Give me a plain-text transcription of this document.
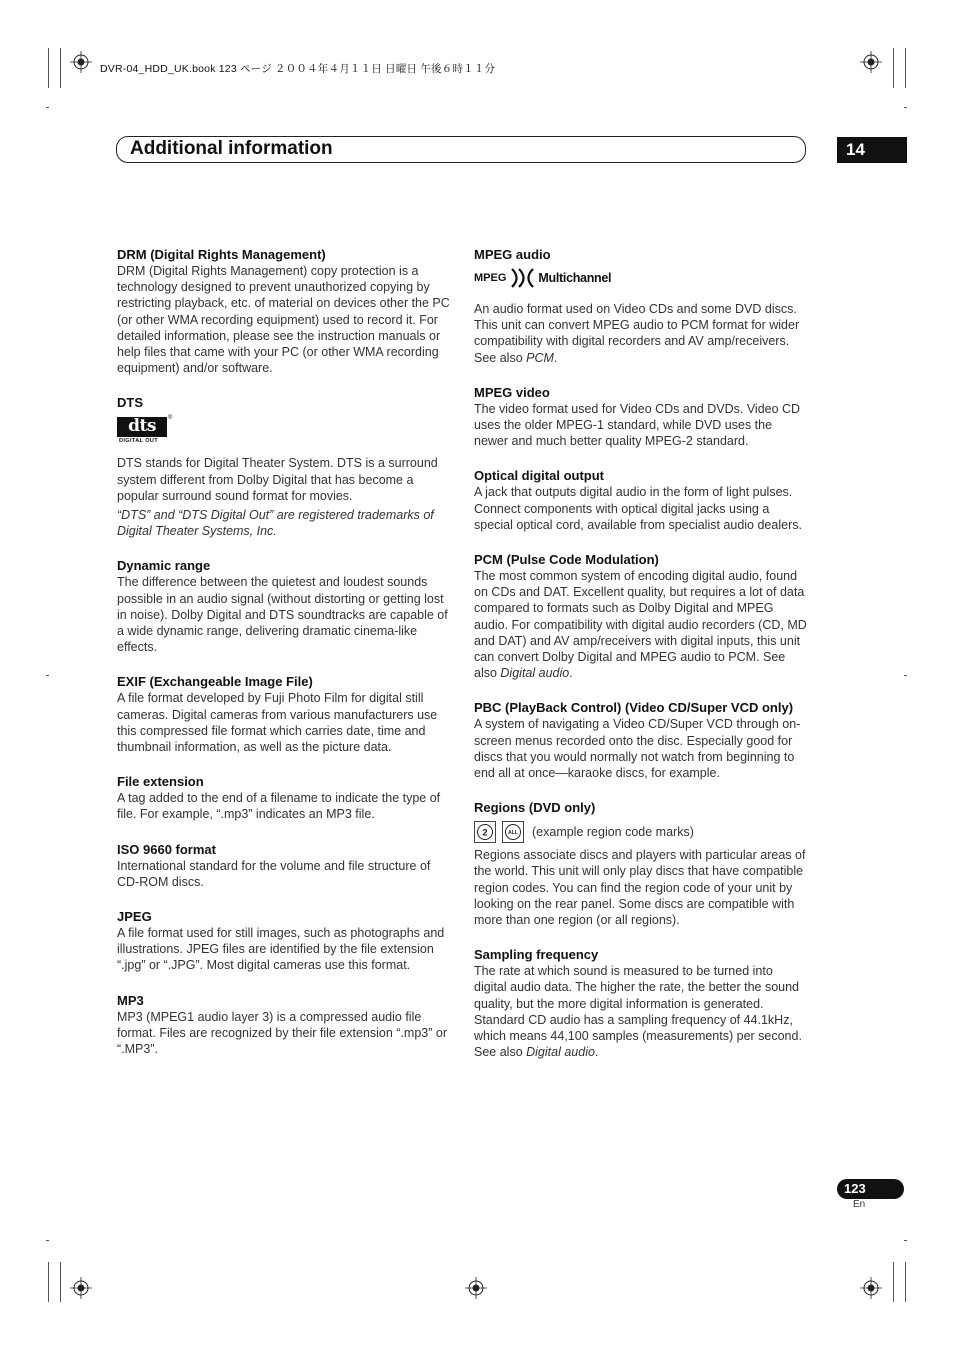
DVR-04_HDD_UK.book 123 ページ ２００４年４月１１日 日曜日 午後６時１１分
Additional information	14
DRM (Digital Rights Management)

DRM (Digital Rights Management) copy protection is a technology designed to prevent unauthorized copying by restricting playback, etc. of material on devices other the PC (or other WMA recording equipment) used to record it. For detailed information, please see the instruction manuals or help files that came with your PC (or other WMA recording equipment) and/or software.

DTS
dts
DIGITAL OUT
®

DTS stands for Digital Theater System. DTS is a surround system different from Dolby Digital that has become a popular surround sound format for movies.

“DTS” and “DTS Digital Out” are registered trademarks of Digital Theater Systems, Inc.

Dynamic range

The difference between the quietest and loudest sounds possible in an audio signal (without distorting or getting lost in noise). Dolby Digital and DTS soundtracks are capable of a wide dynamic range, delivering dramatic cinema-like effects.

EXIF (Exchangeable Image File)

A file format developed by Fuji Photo Film for digital still cameras. Digital cameras from various manufacturers use this compressed file format which carries date, time and thumbnail information, as well as the picture data.

File extension

A tag added to the end of a filename to indicate the type of file. For example, “.mp3” indicates an MP3 file.

ISO 9660 format

International standard for the volume and file structure of CD-ROM discs.

JPEG

A file format used for still images, such as photographs and illustrations. JPEG files are identified by the file extension “.jpg” or “.JPG”. Most digital cameras use this format.

MP3

MP3 (MPEG1 audio layer 3) is a compressed audio file format. Files are recognized by their file extension “.mp3” or “.MP3”.

MPEG audio
MPEG	Multichannel

An audio format used on Video CDs and some DVD discs. This unit can convert MPEG audio to PCM format for wider compatibility with digital recorders and AV amp/receivers. See also PCM.

MPEG video

The video format used for Video CDs and DVDs. Video CD uses the older MPEG-1 standard, while DVD uses the newer and much better quality MPEG-2 standard.

Optical digital output

A jack that outputs digital audio in the form of light pulses. Connect components with optical digital jacks using a special optical cord, available from specialist audio dealers.

PCM (Pulse Code Modulation)

The most common system of encoding digital audio, found on CDs and DAT. Excellent quality, but requires a lot of data compared to formats such as Dolby Digital and MPEG audio. For compatibility with digital audio recorders (CD, MD and DAT) and AV amp/receivers with digital inputs, this unit can convert Dolby Digital and MPEG audio to PCM. See also Digital audio.

PBC (PlayBack Control) (Video CD/Super VCD only)

A system of navigating a Video CD/Super VCD through on-screen menus recorded onto the disc. Especially good for discs that you would normally not watch from beginning to end all at once—karaoke discs, for example.

Regions (DVD only)
2	ALL (example region code marks)

Regions associate discs and players with particular areas of the world. This unit will only play discs that have compatible region codes. You can find the region code of your unit by looking on the rear panel. Some discs are compatible with more than one region (or all regions).

Sampling frequency

The rate at which sound is measured to be turned into digital audio data. The higher the rate, the better the sound quality, but the more digital information is generated. Standard CD audio has a sampling frequency of 44.1kHz, which means 44,100 samples (measurements) per second. See also Digital audio.

123
En
